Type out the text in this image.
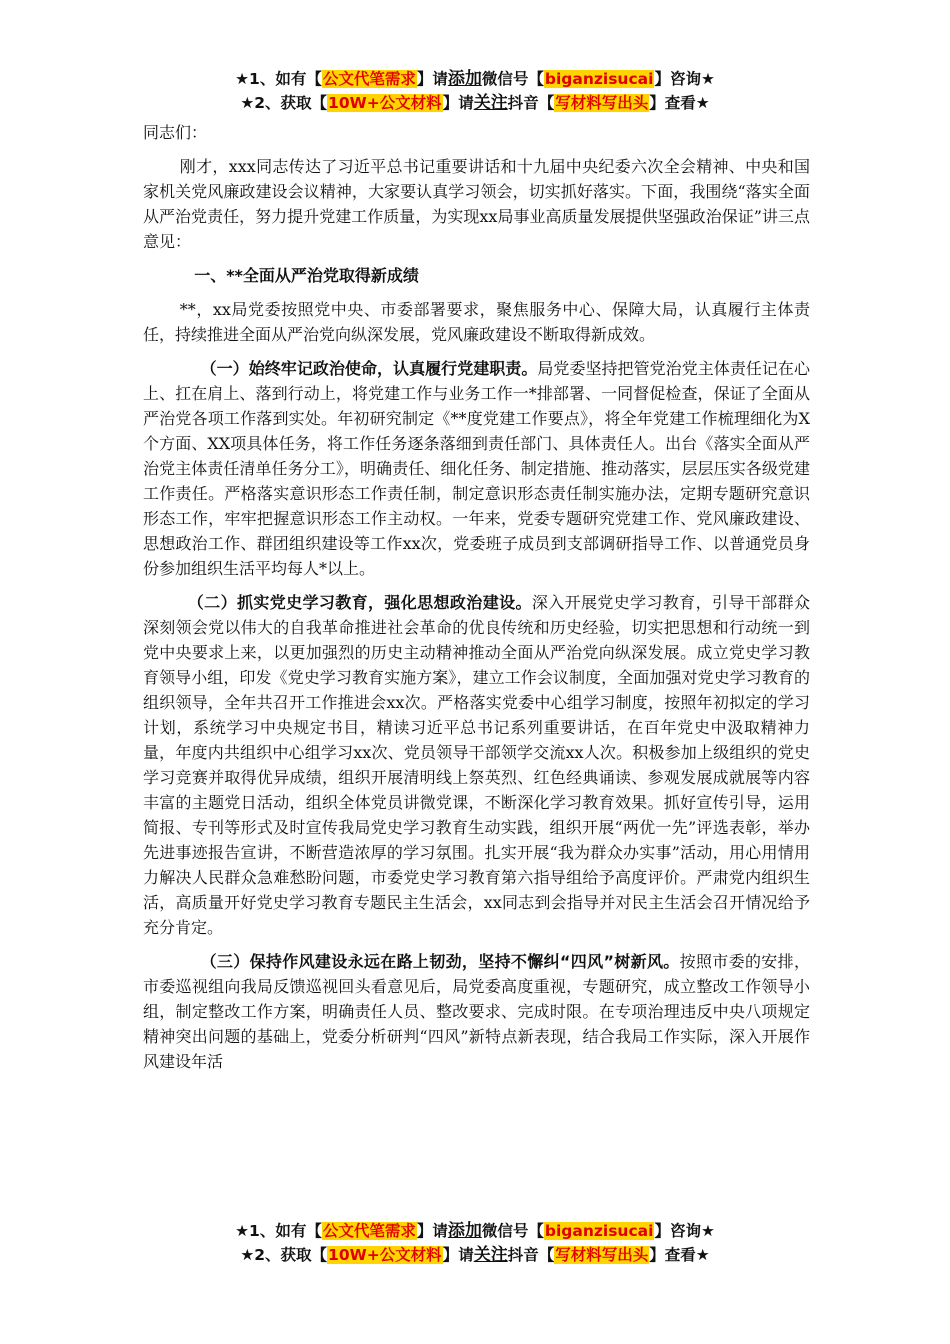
★1、如有【公文代笔需求】请添加微信号【biganzisucai】咨询★
★2、获取【10W+公文材料】请关注抖音【写材料写出头】查看★

同志们：

刚才，xxx同志传达了习近平总书记重要讲话和十九届中央纪委六次全会精神、中央和国家机关党风廉政建设会议精神，大家要认真学习领会，切实抓好落实。下面，我围绕“落实全面从严治党责任，努力提升党建工作质量，为实现xx局事业高质量发展提供坚强政治保证”讲三点意见：

一、**全面从严治党取得新成绩

**，xx局党委按照党中央、市委部署要求，聚焦服务中心、保障大局，认真履行主体责任，持续推进全面从严治党向纵深发展，党风廉政建设不断取得新成效。

（一）始终牢记政治使命，认真履行党建职责。局党委坚持把管党治党主体责任记在心上、扛在肩上、落到行动上，将党建工作与业务工作一*排部署、一同督促检查，保证了全面从严治党各项工作落到实处。年初研究制定《**度党建工作要点》，将全年党建工作梳理细化为X个方面、XX项具体任务，将工作任务逐条落细到责任部门、具体责任人。出台《落实全面从严治党主体责任清单任务分工》，明确责任、细化任务、制定措施、推动落实，层层压实各级党建工作责任。严格落实意识形态工作责任制，制定意识形态责任制实施办法，定期专题研究意识形态工作，牢牢把握意识形态工作主动权。一年来，党委专题研究党建工作、党风廉政建设、思想政治工作、群团组织建设等工作xx次，党委班子成员到支部调研指导工作、以普通党员身份参加组织生活平均每人*以上。

（二）抓实党史学习教育，强化思想政治建设。深入开展党史学习教育，引导干部群众深刻领会党以伟大的自我革命推进社会革命的优良传统和历史经验，切实把思想和行动统一到党中央要求上来，以更加强烈的历史主动精神推动全面从严治党向纵深发展。成立党史学习教育领导小组，印发《党史学习教育实施方案》，建立工作会议制度，全面加强对党史学习教育的组织领导，全年共召开工作推进会xx次。严格落实党委中心组学习制度，按照年初拟定的学习计划，系统学习中央规定书目，精读习近平总书记系列重要讲话，在百年党史中汲取精神力量，年度内共组织中心组学习xx次、党员领导干部领学交流xx人次。积极参加上级组织的党史学习竞赛并取得优异成绩，组织开展清明线上祭英烈、红色经典诵读、参观发展成就展等内容丰富的主题党日活动，组织全体党员讲微党课，不断深化学习教育效果。抓好宣传引导，运用简报、专刊等形式及时宣传我局党史学习教育生动实践，组织开展“两优一先”评选表彰，举办先进事迹报告宣讲，不断营造浓厚的学习氛围。扎实开展“我为群众办实事”活动，用心用情用力解决人民群众急难愁盼问题，市委党史学习教育第六指导组给予高度评价。严肃党内组织生活，高质量开好党史学习教育专题民主生活会，xx同志到会指导并对民主生活会召开情况给予充分肯定。

（三）保持作风建设永远在路上韧劲，坚持不懈纠“四风”树新风。按照市委的安排，市委巡视组向我局反馈巡视回头看意见后，局党委高度重视，专题研究，成立整改工作领导小组，制定整改工作方案，明确责任人员、整改要求、完成时限。在专项治理违反中央八项规定精神突出问题的基础上，党委分析研判“四风”新特点新表现，结合我局工作实际，深入开展作风建设年活

★1、如有【公文代笔需求】请添加微信号【biganzisucai】咨询★
★2、获取【10W+公文材料】请关注抖音【写材料写出头】查看★
